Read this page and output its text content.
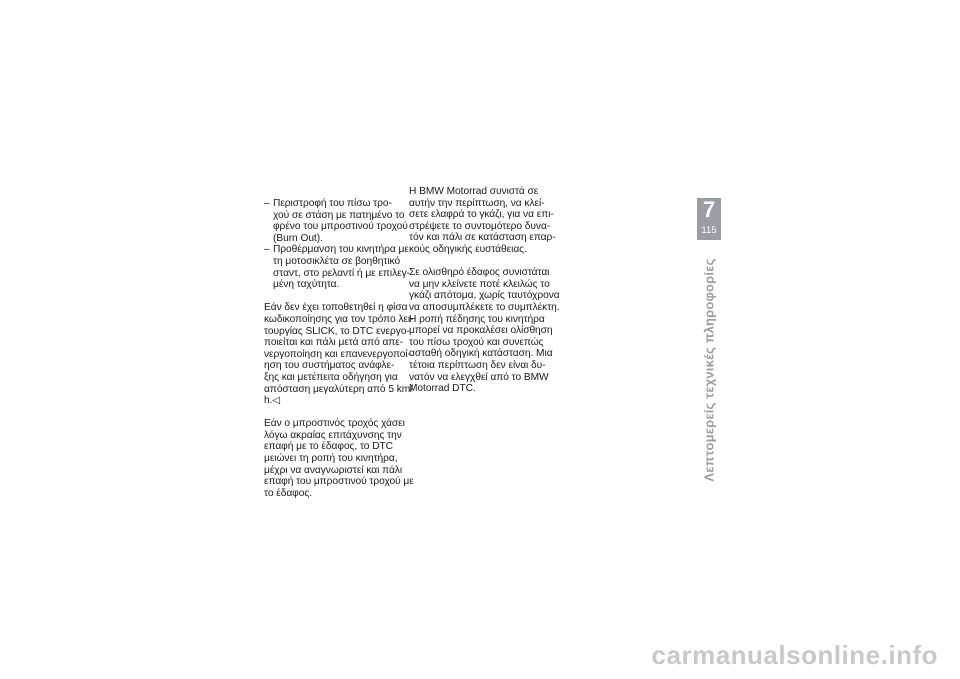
– Περιστροφή του πίσω τρο-
χού σε στάση με πατημένο το
φρένο του μπροστινού τροχού
(Burn Out).
– Προθέρμανση του κινητήρα με
τη μοτοσικλέτα σε βοηθητικό
σταντ, στο ρελαντί ή με επιλεγ-
μένη ταχύτητα.
Εάν δεν έχει τοποθετηθεί η φίσα
κωδικοποίησης για τον τρόπο λει-
τουργίας SLICK, το DTC ενεργο-
ποιείται και πάλι μετά από απε-
νεργοποίηση και επανενεργοποί-
ηση του συστήματος ανάφλε-
ξης και μετέπειτα οδήγηση για
απόσταση μεγαλύτερη από 5 km/
h.◁
Εάν ο μπροστινός τροχός χάσει
λόγω ακραίας επιτάχυνσης την
επαφή με το έδαφος, το DTC
μειώνει τη ροπή του κινητήρα,
μέχρι να αναγνωριστεί και πάλι
επαφή του μπροστινού τροχού με
το έδαφος.
Η BMW Motorrad συνιστά σε
αυτήν την περίπτωση, να κλεί-
σετε ελαφρά το γκάζι, για να επι-
στρέψετε το συντομότερο δυνα-
τόν και πάλι σε κατάσταση επαρ-
κούς οδηγικής ευστάθειας.
Σε ολισθηρό έδαφος συνιστάται
να μην κλείνετε ποτέ κλειλώς το
γκάζι απότομα, χωρίς ταυτόχρονα
να αποσυμπλέκετε το συμπλέκτη.
Η ροπή πέδησης του κινητήρα
μπορεί να προκαλέσει ολίσθηση
του πίσω τροχού και συνεπώς
ασταθή οδηγική κατάσταση. Μια
τέτοια περίπτωση δεν είναι δυ-
νατόν να ελεγχθεί από το BMW
Motorrad DTC.
7
115
Λεπτομερείς τεχνικές πληροφορίες
carmanualsonline.info
